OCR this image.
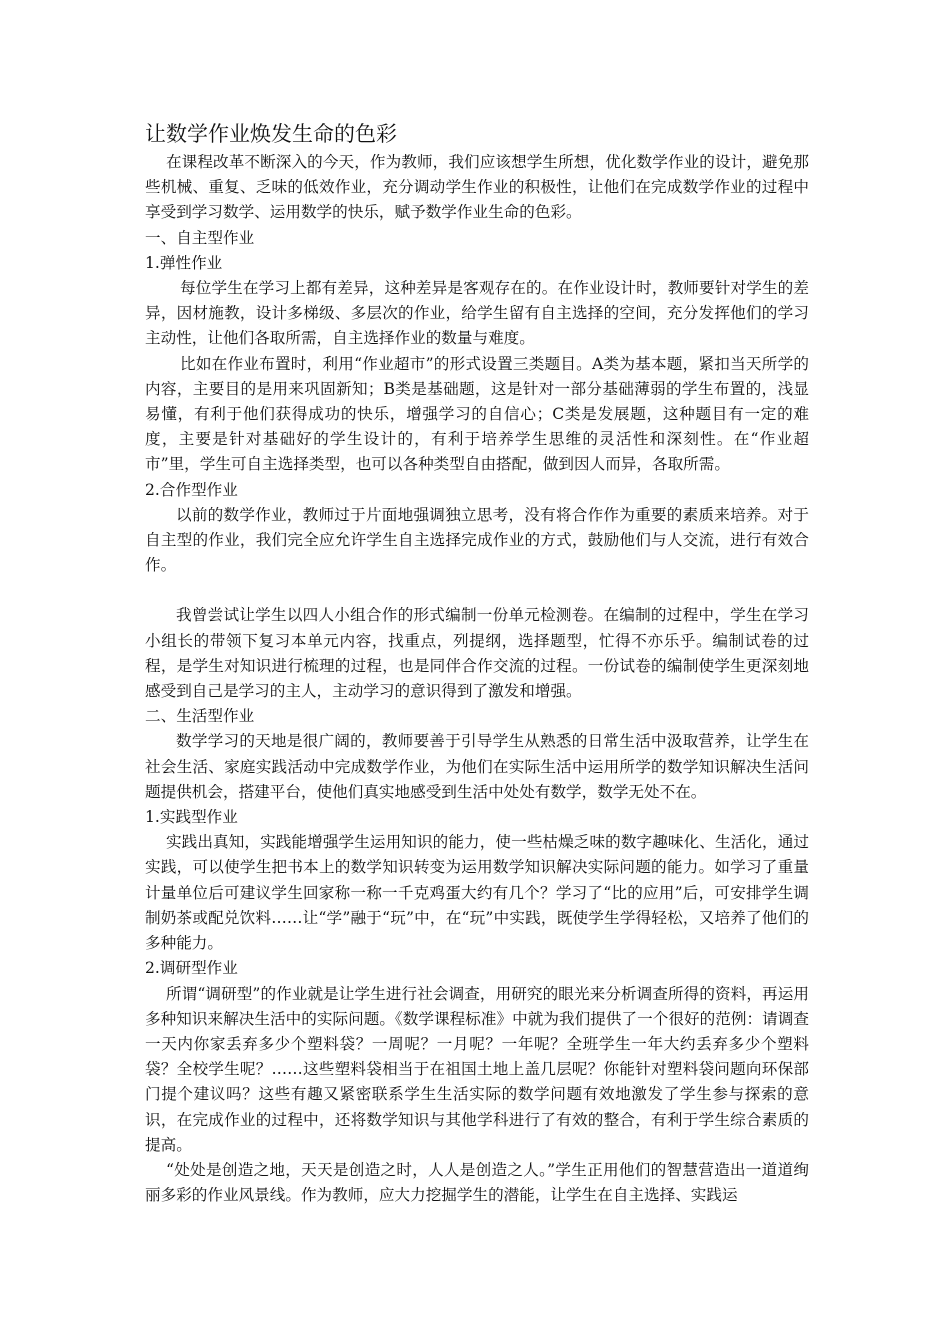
让数学作业焕发生命的色彩

在课程改革不断深入的今天，作为教师，我们应该想学生所想，优化数学作业的设计，避免那些机械、重复、乏味的低效作业，充分调动学生作业的积极性，让他们在完成数学作业的过程中享受到学习数学、运用数学的快乐，赋予数学作业生命的色彩。

一、自主型作业

1.弹性作业

每位学生在学习上都有差异，这种差异是客观存在的。在作业设计时，教师要针对学生的差异，因材施教，设计多梯级、多层次的作业，给学生留有自主选择的空间，充分发挥他们的学习主动性，让他们各取所需，自主选择作业的数量与难度。

比如在作业布置时，利用“作业超市”的形式设置三类题目。A类为基本题，紧扣当天所学的内容，主要目的是用来巩固新知；B类是基础题，这是针对一部分基础薄弱的学生布置的，浅显易懂，有利于他们获得成功的快乐，增强学习的自信心；C类是发展题，这种题目有一定的难度，主要是针对基础好的学生设计的，有利于培养学生思维的灵活性和深刻性。在“作业超市”里，学生可自主选择类型，也可以各种类型自由搭配，做到因人而异，各取所需。

2.合作型作业

以前的数学作业，教师过于片面地强调独立思考，没有将合作作为重要的素质来培养。对于自主型的作业，我们完全应允许学生自主选择完成作业的方式，鼓励他们与人交流，进行有效合作。

我曾尝试让学生以四人小组合作的形式编制一份单元检测卷。在编制的过程中，学生在学习小组长的带领下复习本单元内容，找重点，列提纲，选择题型，忙得不亦乐乎。编制试卷的过程，是学生对知识进行梳理的过程，也是同伴合作交流的过程。一份试卷的编制使学生更深刻地感受到自己是学习的主人，主动学习的意识得到了激发和增强。

二、生活型作业

数学学习的天地是很广阔的，教师要善于引导学生从熟悉的日常生活中汲取营养，让学生在社会生活、家庭实践活动中完成数学作业，为他们在实际生活中运用所学的数学知识解决生活问题提供机会，搭建平台，使他们真实地感受到生活中处处有数学，数学无处不在。

1.实践型作业

实践出真知，实践能增强学生运用知识的能力，使一些枯燥乏味的数字趣味化、生活化，通过实践，可以使学生把书本上的数学知识转变为运用数学知识解决实际问题的能力。如学习了重量计量单位后可建议学生回家称一称一千克鸡蛋大约有几个？学习了“比的应用”后，可安排学生调制奶茶或配兑饮料……让“学”融于“玩”中，在“玩”中实践，既使学生学得轻松，又培养了他们的多种能力。

2.调研型作业

所谓“调研型”的作业就是让学生进行社会调查，用研究的眼光来分析调查所得的资料，再运用多种知识来解决生活中的实际问题。《数学课程标准》中就为我们提供了一个很好的范例：请调查一天内你家丢弃多少个塑料袋？一周呢？一月呢？一年呢？全班学生一年大约丢弃多少个塑料袋？全校学生呢？……这些塑料袋相当于在祖国土地上盖几层呢？你能针对塑料袋问题向环保部门提个建议吗？这些有趣又紧密联系学生生活实际的数学问题有效地激发了学生参与探索的意识，在完成作业的过程中，还将数学知识与其他学科进行了有效的整合，有利于学生综合素质的提高。

“处处是创造之地，天天是创造之时，人人是创造之人。”学生正用他们的智慧营造出一道道绚丽多彩的作业风景线。作为教师，应大力挖掘学生的潜能，让学生在自主选择、实践运
